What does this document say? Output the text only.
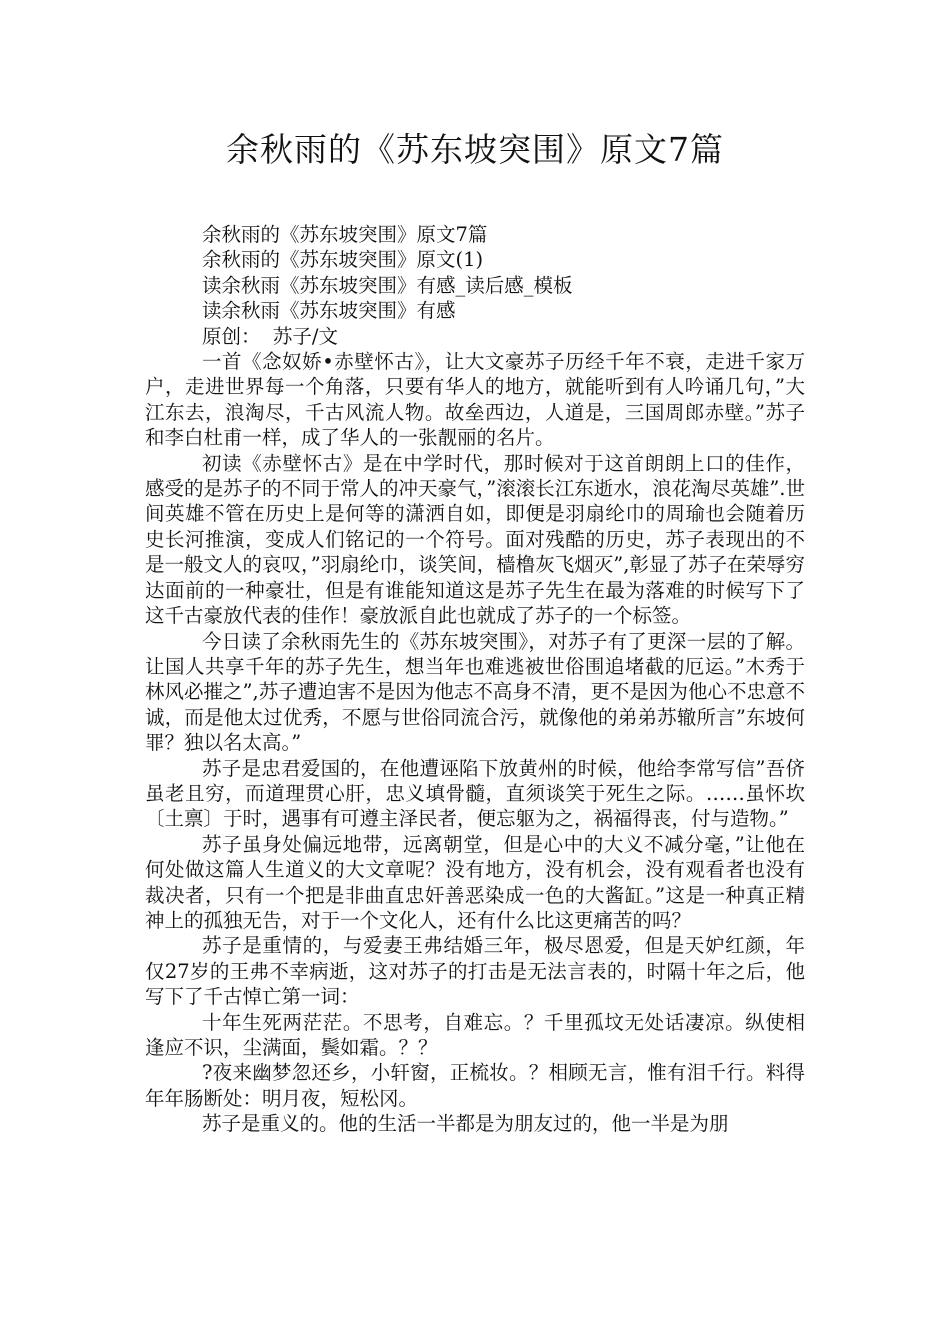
余秋雨的《苏东坡突围》原文7篇

余秋雨的《苏东坡突围》原文7篇

余秋雨的《苏东坡突围》原文(1)

读余秋雨《苏东坡突围》有感_读后感_模板

读余秋雨《苏东坡突围》有感

原创：  苏子/文

一首《念奴娇•赤壁怀古》，让大文豪苏子历经千年不衰，走进千家万户，走进世界每一个角落，只要有华人的地方，就能听到有人吟诵几句，”大江东去，浪淘尽，千古风流人物。故垒西边，人道是，三国周郎赤壁。”苏子和李白杜甫一样，成了华人的一张靓丽的名片。

初读《赤壁怀古》是在中学时代，那时候对于这首朗朗上口的佳作，感受的是苏子的不同于常人的冲天豪气，”滚滚长江东逝水，浪花淘尽英雄”.世间英雄不管在历史上是何等的潇洒自如，即便是羽扇纶巾的周瑜也会随着历史长河推演，变成人们铭记的一个符号。面对残酷的历史，苏子表现出的不是一般文人的哀叹，”羽扇纶巾，谈笑间，樯橹灰飞烟灭”,彰显了苏子在荣辱穷达面前的一种豪壮，但是有谁能知道这是苏子先生在最为落难的时候写下了这千古豪放代表的佳作！豪放派自此也就成了苏子的一个标签。

今日读了余秋雨先生的《苏东坡突围》，对苏子有了更深一层的了解。让国人共享千年的苏子先生，想当年也难逃被世俗围追堵截的厄运。”木秀于林风必摧之”,苏子遭迫害不是因为他志不高身不清，更不是因为他心不忠意不诚，而是他太过优秀，不愿与世俗同流合污，就像他的弟弟苏辙所言”东坡何罪？独以名太高。”

苏子是忠君爱国的，在他遭诬陷下放黄州的时候，他给李常写信”吾侪虽老且穷，而道理贯心肝，忠义填骨髓，直须谈笑于死生之际。……虽怀坎〔土禀〕于时，遇事有可遵主泽民者，便忘躯为之，祸福得丧，付与造物。”

苏子虽身处偏远地带，远离朝堂，但是心中的大义不减分毫，”让他在何处做这篇人生道义的大文章呢？没有地方，没有机会，没有观看者也没有裁决者，只有一个把是非曲直忠奸善恶染成一色的大酱缸。”这是一种真正精神上的孤独无告，对于一个文化人，还有什么比这更痛苦的吗？

苏子是重情的，与爱妻王弗结婚三年，极尽恩爱，但是天妒红颜，年仅27岁的王弗不幸病逝，这对苏子的打击是无法言表的，时隔十年之后，他写下了千古悼亡第一词：

十年生死两茫茫。不思考，自难忘。？千里孤坟无处话凄凉。纵使相逢应不识，尘满面，鬓如霜。？？

?夜来幽梦忽还乡，小轩窗，正梳妆。？相顾无言，惟有泪千行。料得年年肠断处：明月夜，短松冈。

苏子是重义的。他的生活一半都是为朋友过的，他一半是为朋
